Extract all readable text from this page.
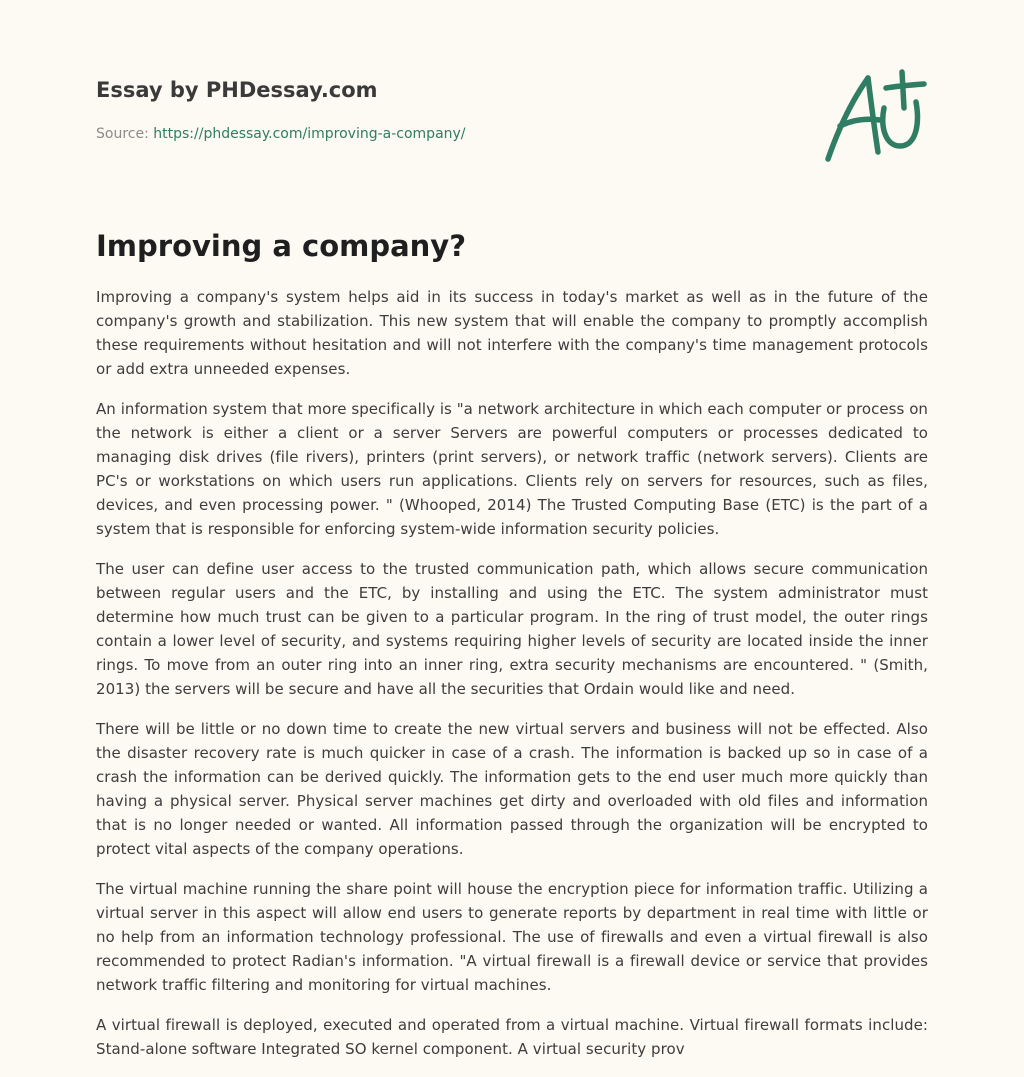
Essay by PHDessay.com
Source: https://phdessay.com/improving-a-company/
Improving a company?

Improving a company's system helps aid in its success in today's market as well as in the future of the company's growth and stabilization. This new system that will enable the company to promptly accomplish these requirements without hesitation and will not interfere with the company's time management protocols or add extra unneeded expenses.

An information system that more specifically is "a network architecture in which each computer or process on the network is either a client or a server Servers are powerful computers or processes dedicated to managing disk drives (file rivers), printers (print servers), or network traffic (network servers). Clients are PC's or workstations on which users run applications. Clients rely on servers for resources, such as files, devices, and even processing power. " (Whooped, 2014) The Trusted Computing Base (ETC) is the part of a system that is responsible for enforcing system-wide information security policies.

The user can define user access to the trusted communication path, which allows secure communication between regular users and the ETC, by installing and using the ETC. The system administrator must determine how much trust can be given to a particular program. In the ring of trust model, the outer rings contain a lower level of security, and systems requiring higher levels of security are located inside the inner rings. To move from an outer ring into an inner ring, extra security mechanisms are encountered. " (Smith, 2013) the servers will be secure and have all the securities that Ordain would like and need.

There will be little or no down time to create the new virtual servers and business will not be effected. Also the disaster recovery rate is much quicker in case of a crash. The information is backed up so in case of a crash the information can be derived quickly. The information gets to the end user much more quickly than having a physical server. Physical server machines get dirty and overloaded with old files and information that is no longer needed or wanted. All information passed through the organization will be encrypted to protect vital aspects of the company operations.

The virtual machine running the share point will house the encryption piece for information traffic. Utilizing a virtual server in this aspect will allow end users to generate reports by department in real time with little or no help from an information technology professional. The use of firewalls and even a virtual firewall is also recommended to protect Radian's information. "A virtual firewall is a firewall device or service that provides network traffic filtering and monitoring for virtual machines.

A virtual firewall is deployed, executed and operated from a virtual machine. Virtual firewall formats include: Stand-alone software Integrated SO kernel component. A virtual security prov
